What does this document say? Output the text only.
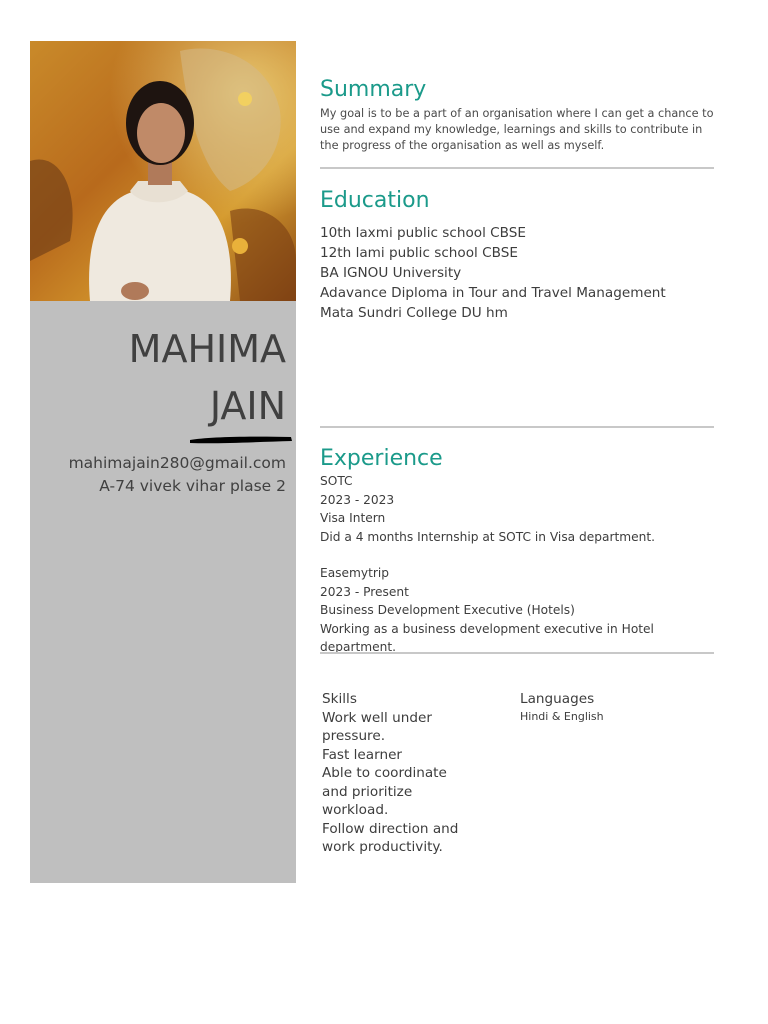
MAHIMA
JAIN
mahimajain280@gmail.com
A-74 vivek vihar plase 2
Summary
My goal is to be a part of an organisation where I can get a chance to use and expand my knowledge, learnings and skills to contribute in the progress of the organisation as well as myself.
Education
10th laxmi public school CBSE
12th lami public school CBSE
BA IGNOU University
Adavance Diploma in Tour and Travel Management
Mata Sundri College DU hm
Experience
SOTC
2023 - 2023
Visa Intern
Did a 4 months Internship at SOTC in Visa department.
Easemytrip
2023 - Present
Business Development Executive (Hotels)
Working as a business development executive in Hotel department.
Skills
Work well under pressure.
Fast learner
Able to coordinate and prioritize workload.
Follow direction and work productivity.
Languages
Hindi & English
